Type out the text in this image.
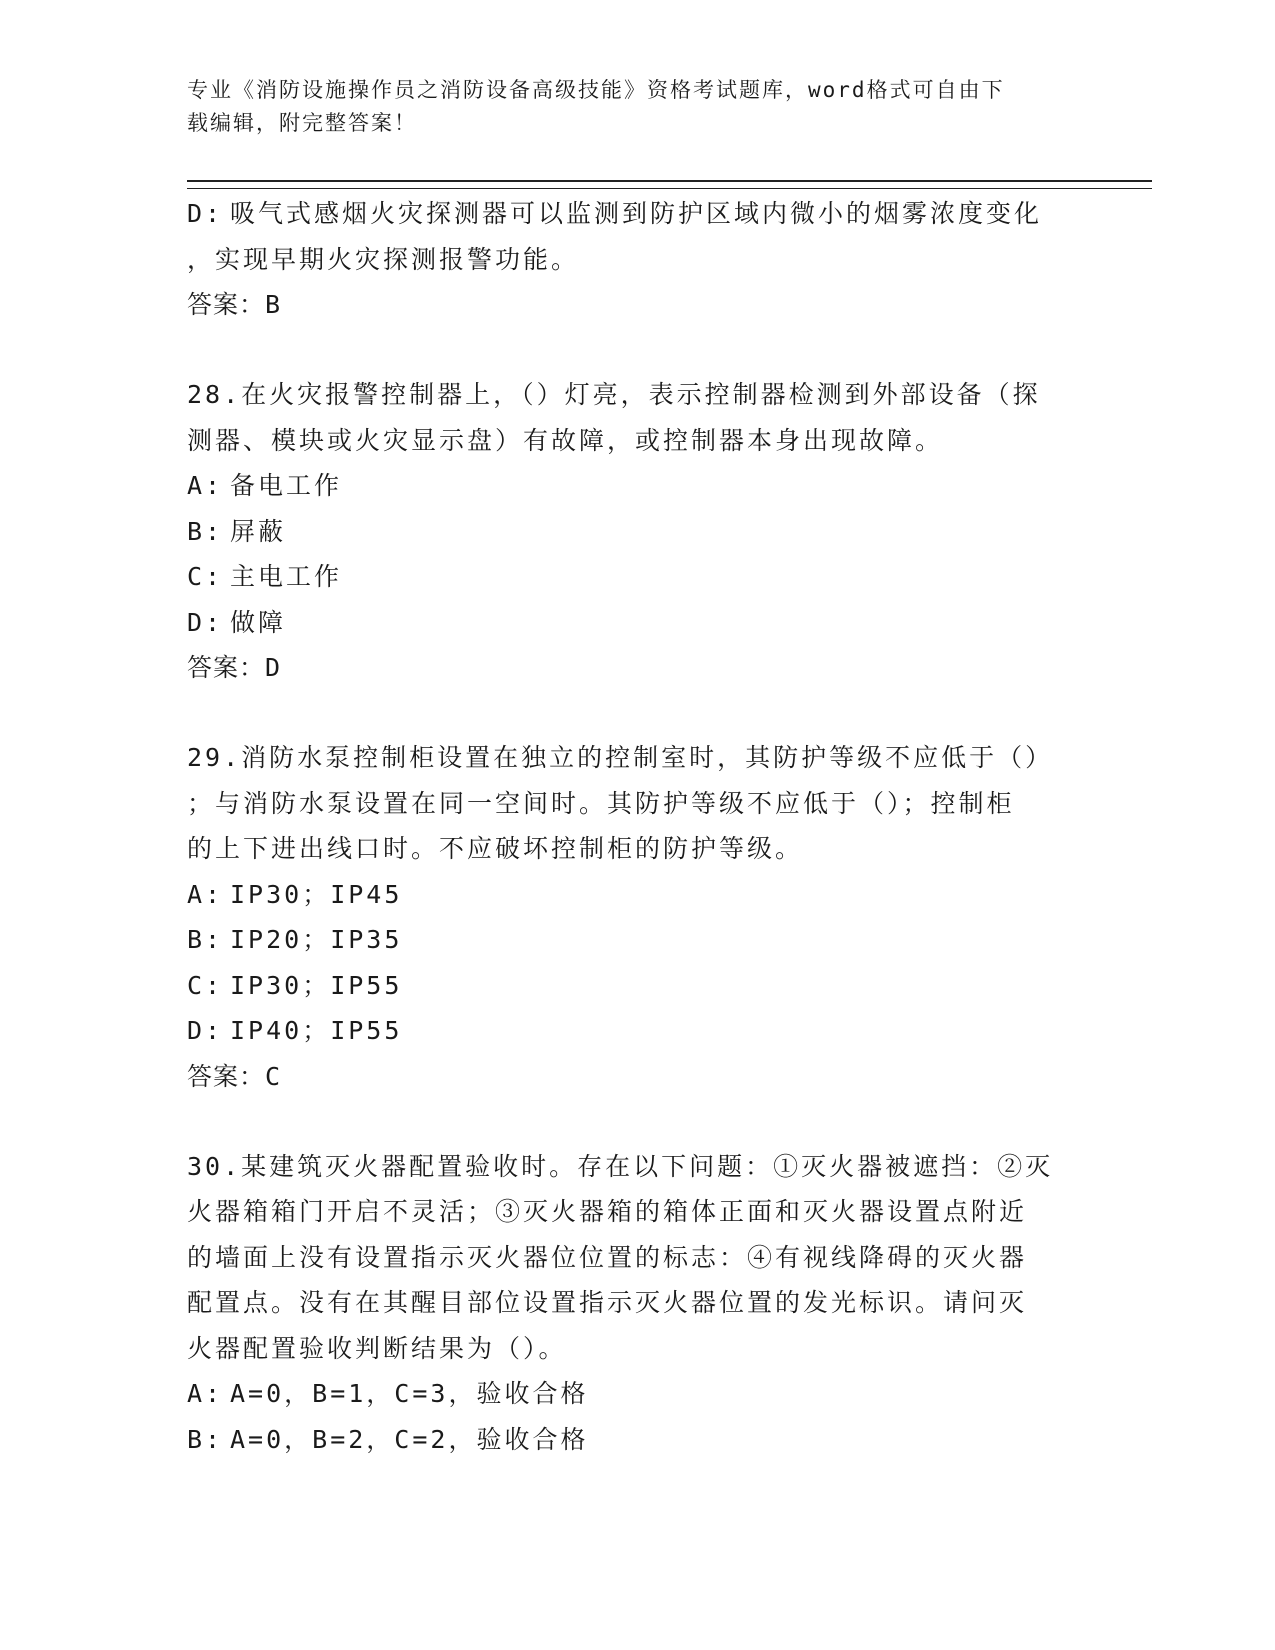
专业《消防设施操作员之消防设备高级技能》资格考试题库，word格式可自由下
载编辑，附完整答案！
D: 吸气式感烟火灾探测器可以监测到防护区域内微小的烟雾浓度变化
，实现早期火灾探测报警功能。
答案：B
28.在火灾报警控制器上，（）灯亮，表示控制器检测到外部设备（探
测器、模块或火灾显示盘）有故障，或控制器本身出现故障。
A: 备电工作
B: 屏蔽
C: 主电工作
D: 做障
答案：D
29.消防水泵控制柜设置在独立的控制室时，其防护等级不应低于（）
；与消防水泵设置在同一空间时。其防护等级不应低于（）；控制柜
的上下进出线口时。不应破坏控制柜的防护等级。
A: IP30；IP45
B: IP20；IP35
C: IP30；IP55
D: IP40；IP55
答案：C
30.某建筑灭火器配置验收时。存在以下问题：①灭火器被遮挡：②灭
火器箱箱门开启不灵活；③灭火器箱的箱体正面和灭火器设置点附近
的墙面上没有设置指示灭火器位位置的标志：④有视线降碍的灭火器
配置点。没有在其醒目部位设置指示灭火器位置的发光标识。请问灭
火器配置验收判断结果为（）。
A: A=0，B=1，C=3，验收合格
B: A=0，B=2，C=2，验收合格
